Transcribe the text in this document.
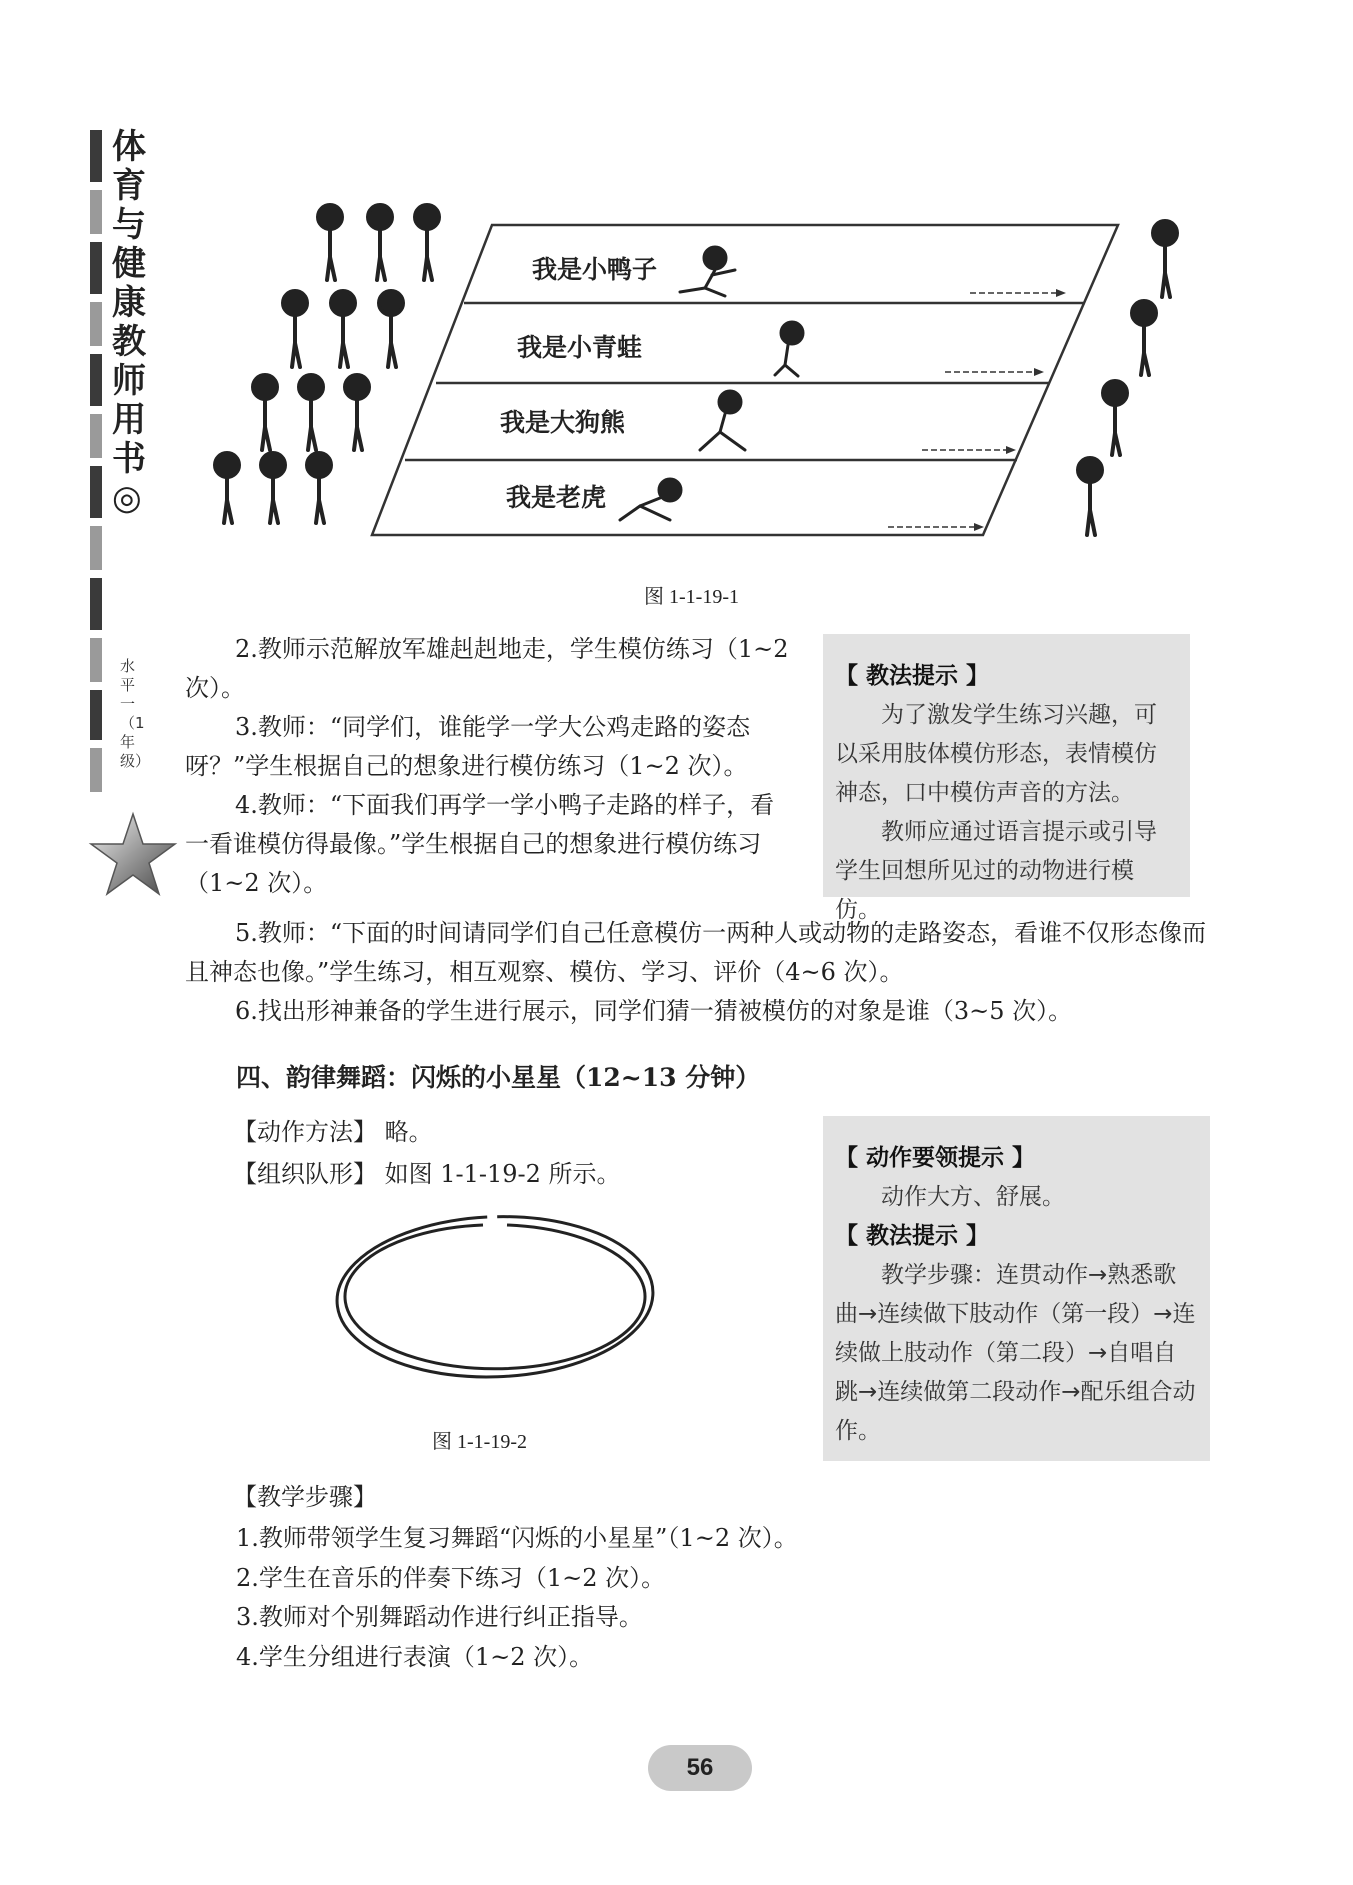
体育与健康教师用书◎
水平一（1年级）
我是小鸭子
我是小青蛙
我是大狗熊
我是老虎
图 1-1-19-1
2.教师示范解放军雄赳赳地走，学生模仿练习（1~2 次）。
3.教师：“同学们，谁能学一学大公鸡走路的姿态呀？”学生根据自己的想象进行模仿练习（1~2 次）。
4.教师：“下面我们再学一学小鸭子走路的样子，看一看谁模仿得最像。”学生根据自己的想象进行模仿练习（1~2 次）。
【 教法提示 】
为了激发学生练习兴趣，可以采用肢体模仿形态，表情模仿神态，口中模仿声音的方法。
教师应通过语言提示或引导学生回想所见过的动物进行模仿。
5.教师：“下面的时间请同学们自己任意模仿一两种人或动物的走路姿态，看谁不仅形态像而且神态也像。”学生练习，相互观察、模仿、学习、评价（4~6 次）。
6.找出形神兼备的学生进行展示，同学们猜一猜被模仿的对象是谁（3~5 次）。
四、韵律舞蹈：闪烁的小星星（12~13 分钟）
【动作方法】 略。
【组织队形】 如图 1-1-19-2 所示。
图 1-1-19-2
【 动作要领提示 】
动作大方、舒展。
【 教法提示 】
教学步骤：连贯动作→熟悉歌曲→连续做下肢动作（第一段）→连续做上肢动作（第二段）→自唱自跳→连续做第二段动作→配乐组合动作。
【教学步骤】
1.教师带领学生复习舞蹈“闪烁的小星星”（1~2 次）。
2.学生在音乐的伴奏下练习（1~2 次）。
3.教师对个别舞蹈动作进行纠正指导。
4.学生分组进行表演（1~2 次）。
56
